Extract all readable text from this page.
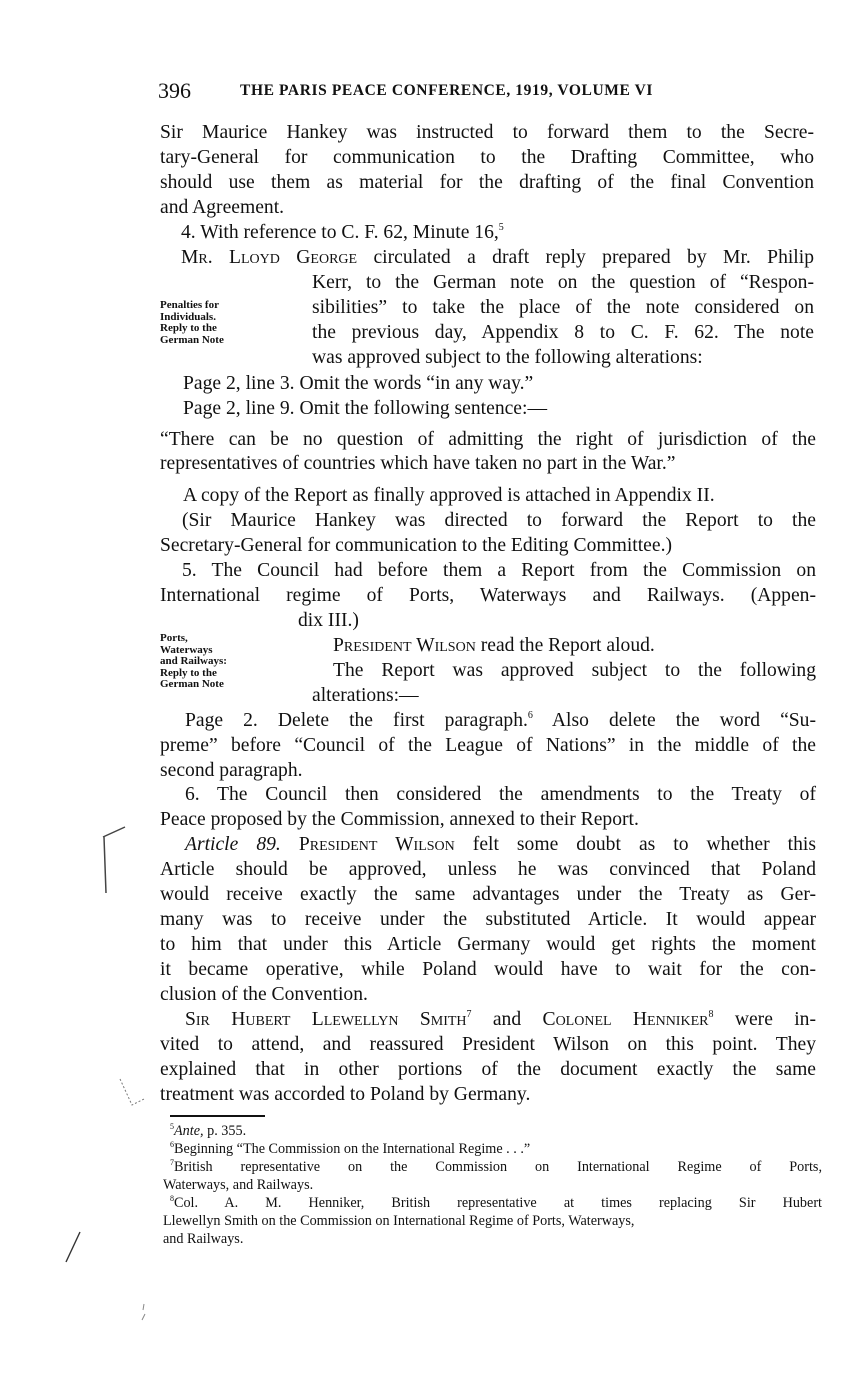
396	THE PARIS PEACE CONFERENCE, 1919, VOLUME VI
Sir Maurice Hankey was instructed to forward them to the Secre-
tary-General for communication to the Drafting Committee, who
should use them as material for the drafting of the final Convention
and Agreement.
4. With reference to C. F. 62, Minute 16,$^5$
Mr. Lloyd George circulated a draft reply prepared by Mr. Philip
Kerr, to the German note on the question of “Respon-
sibilities” to take the place of the note considered on
the previous day, Appendix 8 to C. F. 62. The note
was approved subject to the following alterations:
Penalties for
Individuals.
Reply to the
German Note
Page 2, line 3. Omit the words “in any way.”
Page 2, line 9. Omit the following sentence:—
“There can be no question of admitting the right of jurisdiction of the
representatives of countries which have taken no part in the War.”
A copy of the Report as finally approved is attached in Appendix II.
(Sir Maurice Hankey was directed to forward the Report to the
Secretary-General for communication to the Editing Committee.)
5. The Council had before them a Report from the Commission on
International regime of Ports, Waterways and Railways. (Appen-
dix III.)
Ports,
Waterways
and Railways:
Reply to the
German Note
President Wilson read the Report aloud.
The Report was approved subject to the following
alterations:—
Page 2. Delete the first paragraph.$^6$ Also delete the word “Su-
preme” before “Council of the League of Nations” in the middle of the
second paragraph.
6. The Council then considered the amendments to the Treaty of
Peace proposed by the Commission, annexed to their Report.
Article 89. President Wilson felt some doubt as to whether this
Article should be approved, unless he was convinced that Poland
would receive exactly the same advantages under the Treaty as Ger-
many was to receive under the substituted Article. It would appear
to him that under this Article Germany would get rights the moment
it became operative, while Poland would have to wait for the con-
clusion of the Convention.
Sir Hubert Llewellyn Smith$^7$ and Colonel Henniker$^8$ were in-
vited to attend, and reassured President Wilson on this point. They
explained that in other portions of the document exactly the same
treatment was accorded to Poland by Germany.
$^5$Ante, p. 355.
$^6$Beginning “The Commission on the International Regime . . .”
$^7$British representative on the Commission on International Regime of Ports,
Waterways, and Railways.
$^8$Col. A. M. Henniker, British representative at times replacing Sir Hubert
Llewellyn Smith on the Commission on International Regime of Ports, Waterways,
and Railways.
